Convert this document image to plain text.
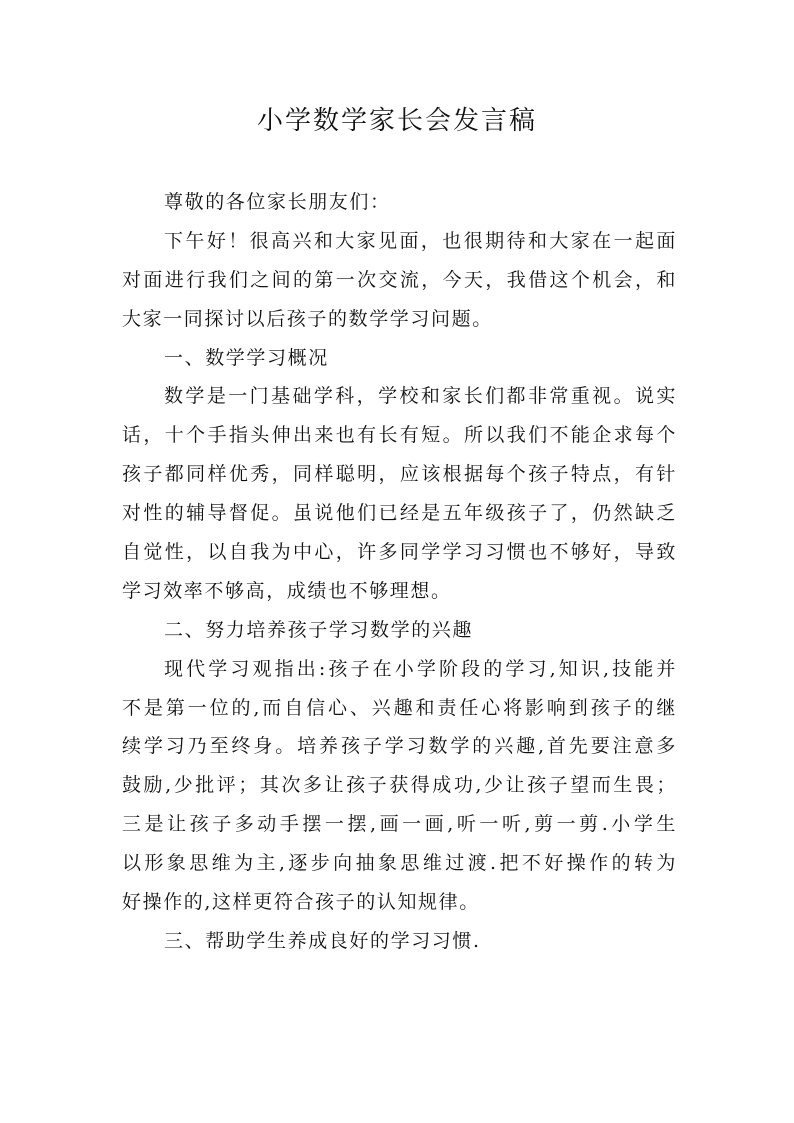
小学数学家长会发言稿
尊敬的各位家长朋友们：
下午好！很高兴和大家见面，也很期待和大家在一起面
对面进行我们之间的第一次交流，今天，我借这个机会，和
大家一同探讨以后孩子的数学学习问题。
一、数学学习概况
数学是一门基础学科，学校和家长们都非常重视。说实
话，十个手指头伸出来也有长有短。所以我们不能企求每个
孩子都同样优秀，同样聪明，应该根据每个孩子特点，有针
对性的辅导督促。虽说他们已经是五年级孩子了，仍然缺乏
自觉性，以自我为中心，许多同学学习习惯也不够好，导致
学习效率不够高，成绩也不够理想。
二、努力培养孩子学习数学的兴趣
现代学习观指出:孩子在小学阶段的学习,知识,技能并
不是第一位的,而自信心、兴趣和责任心将影响到孩子的继
续学习乃至终身。培养孩子学习数学的兴趣,首先要注意多
鼓励,少批评；其次多让孩子获得成功,少让孩子望而生畏；
三是让孩子多动手摆一摆,画一画,听一听,剪一剪.小学生
以形象思维为主,逐步向抽象思维过渡.把不好操作的转为
好操作的,这样更符合孩子的认知规律。
三、帮助学生养成良好的学习习惯.
